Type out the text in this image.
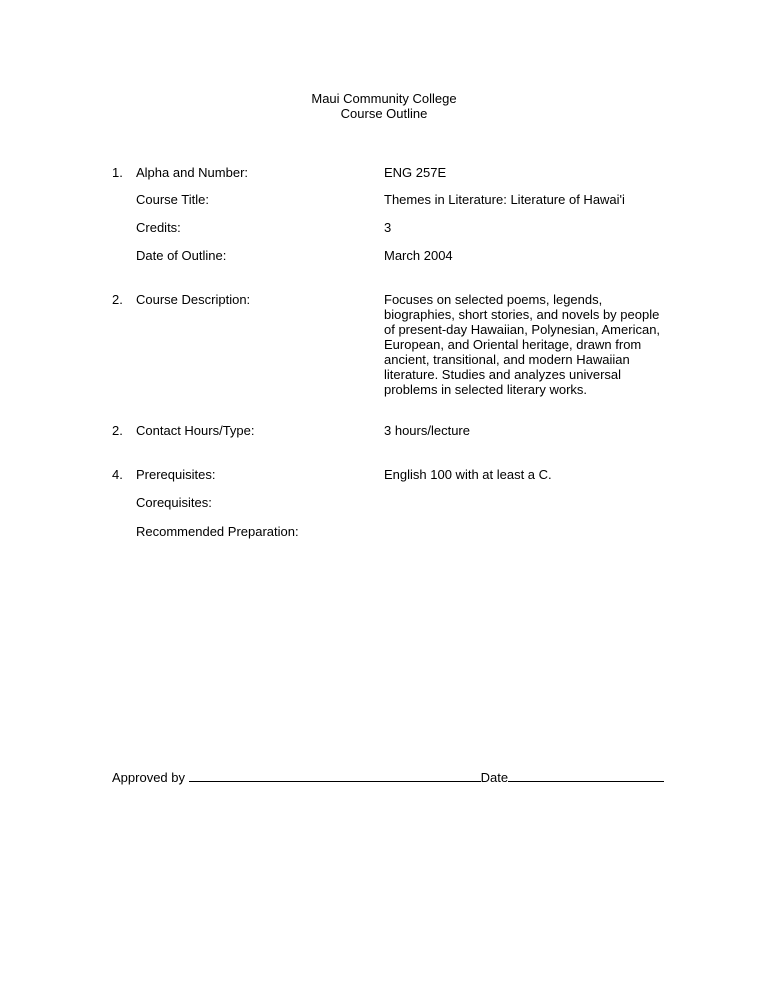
Maui Community College
Course Outline
1. Alpha and Number:	ENG 257E
Course Title:	Themes in Literature: Literature of Hawai'i
Credits:	3
Date of Outline:	March 2004
2. Course Description:	Focuses on selected poems, legends, biographies, short stories, and novels by people of present-day Hawaiian, Polynesian, American, European, and Oriental heritage, drawn from ancient, transitional, and modern Hawaiian literature. Studies and analyzes universal problems in selected literary works.
2. Contact Hours/Type:	3 hours/lecture
4. Prerequisites:	English 100 with at least a C.
Corequisites:
Recommended Preparation:
Approved by	Date
